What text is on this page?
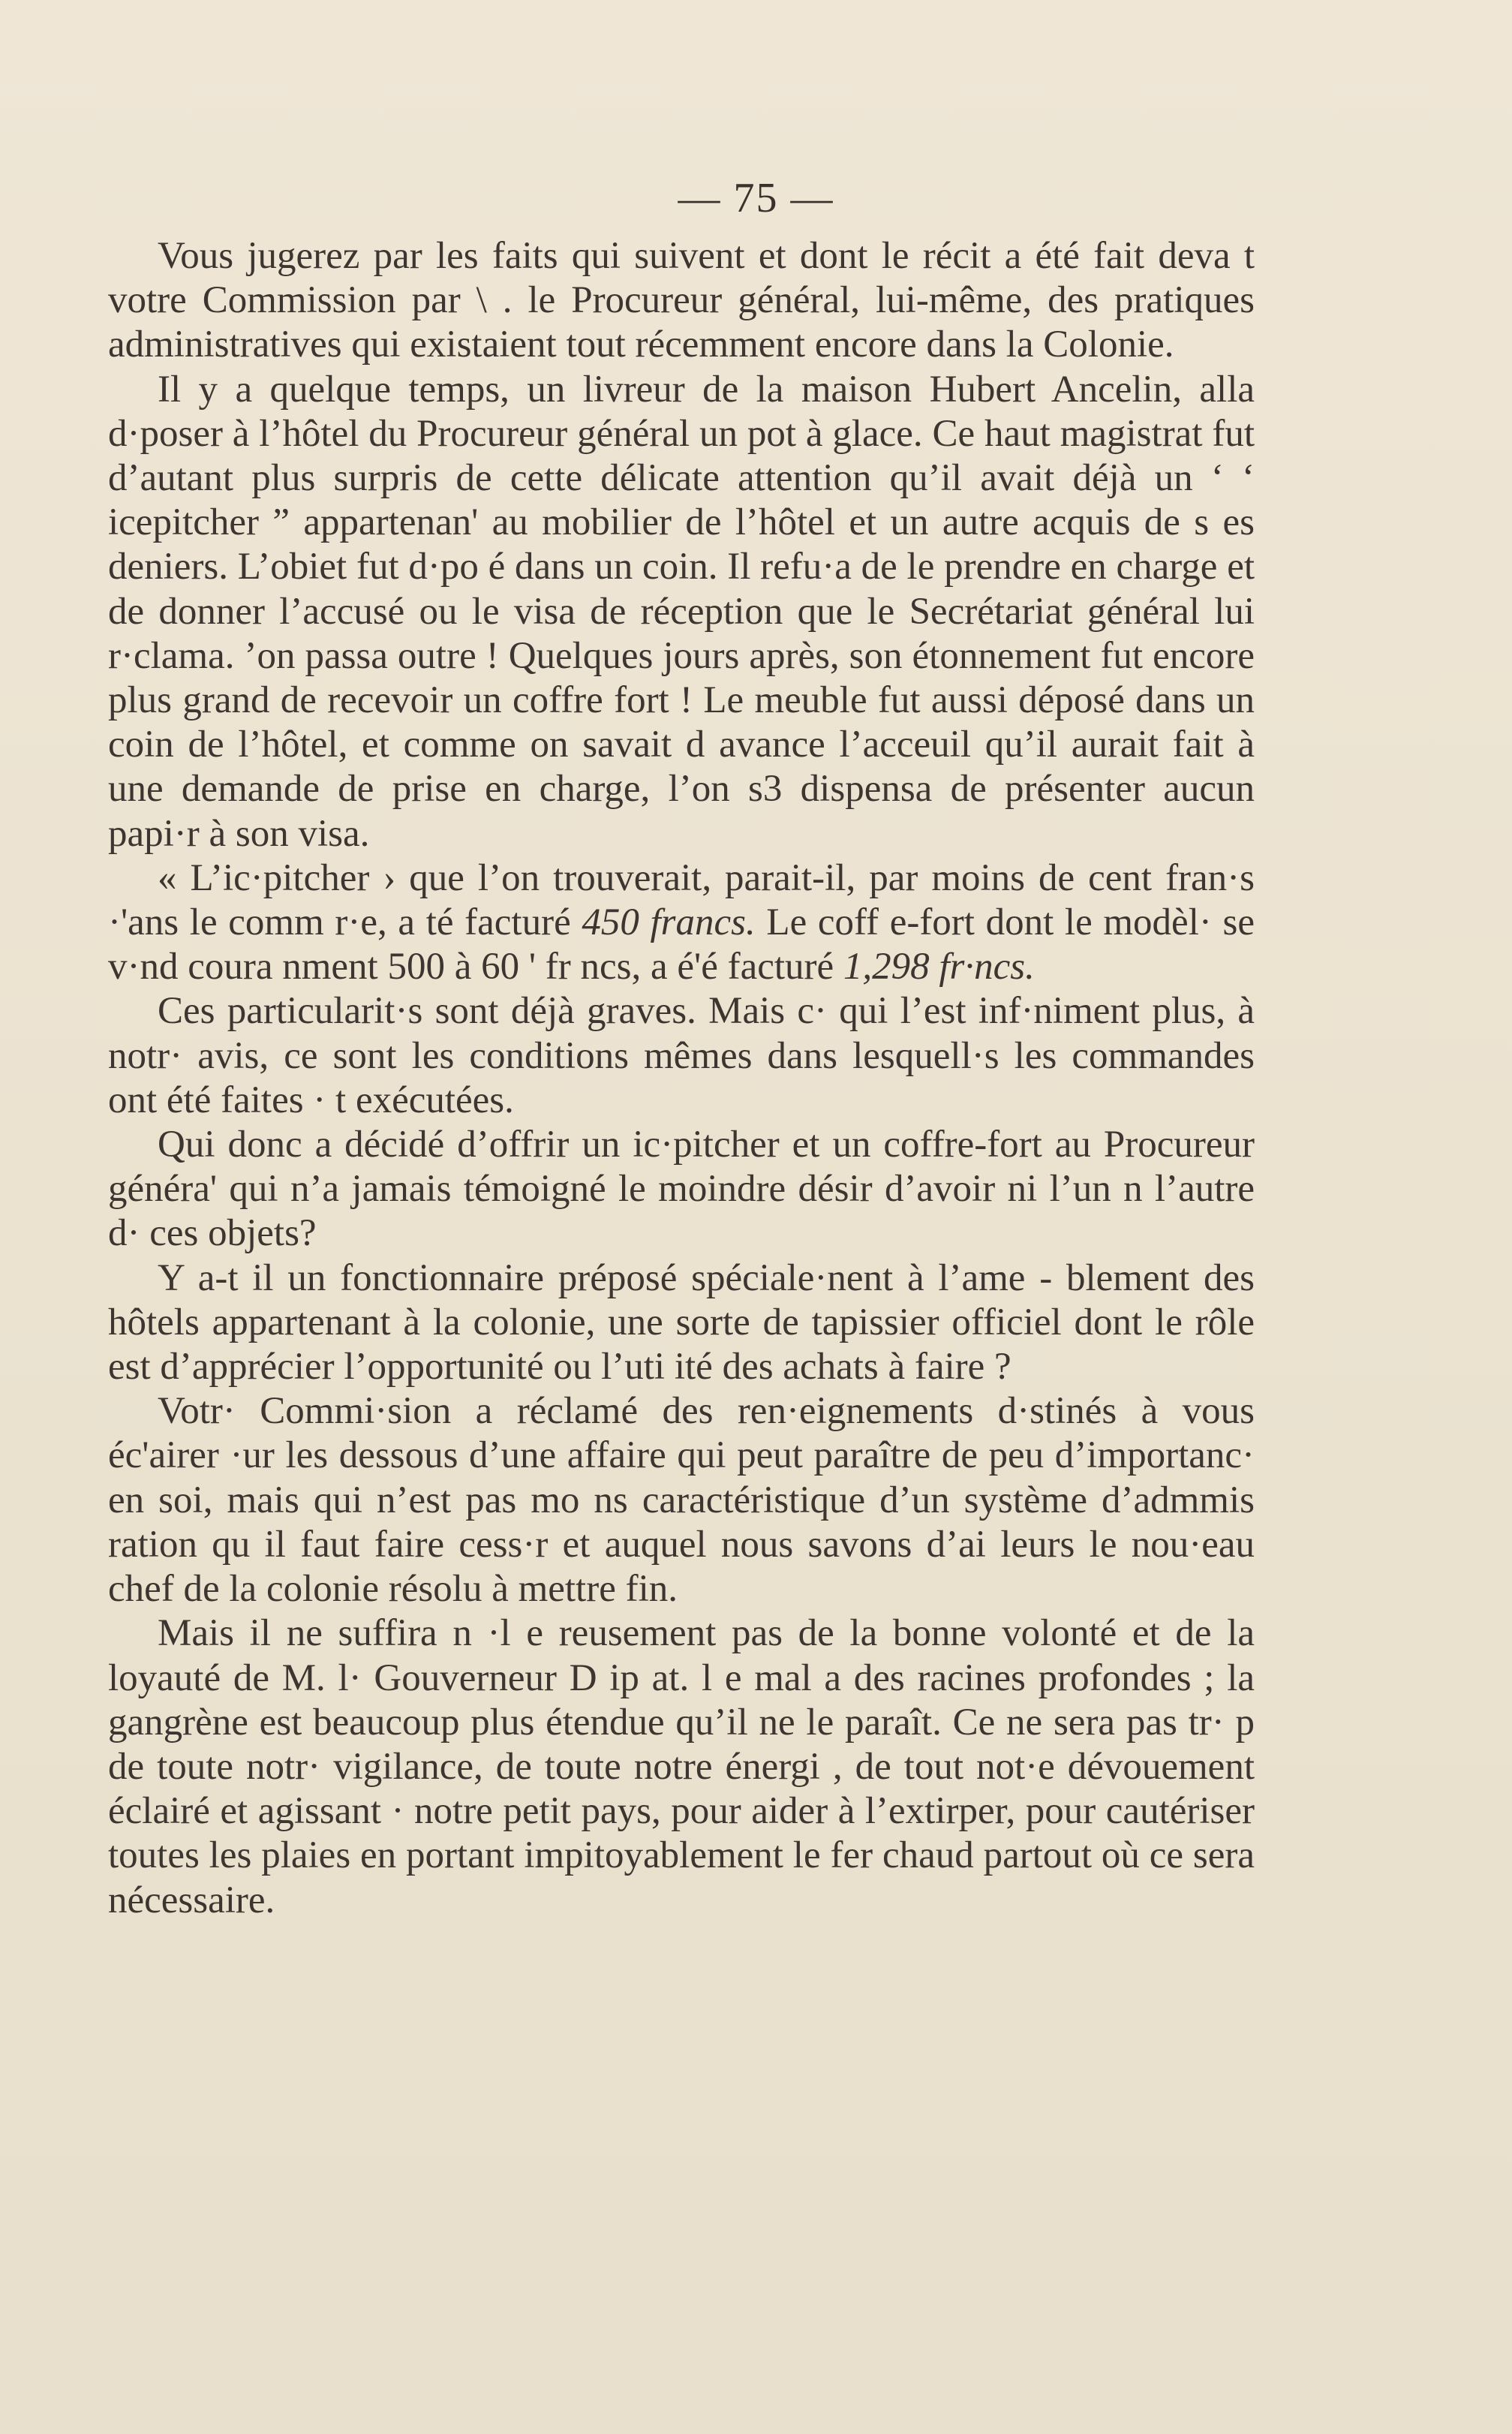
— 75 —

Vous jugerez par les faits qui suivent et dont le récit a été fait deva t votre Commission par \ . le Procureur général, lui-même, des pratiques administratives qui existaient tout récemment encore dans la Colonie.

Il y a quelque temps, un livreur de la maison Hubert Ancelin, alla d·poser à l’hôtel du Procureur général un pot à glace. Ce haut magistrat fut d’autant plus surpris de cette délicate attention qu’il avait déjà un ‘ ‘ icepitcher ” appartenan' au mobilier de l’hôtel et un autre acquis de s es deniers. L’obiet fut d·po é dans un coin. Il refu·a de le prendre en charge et de donner l’accusé ou le visa de réception que le Secrétariat général lui r·clama. ’on passa outre ! Quelques jours après, son étonnement fut encore plus grand de recevoir un coffre fort ! Le meuble fut aussi déposé dans un coin de l’hôtel, et comme on savait d avance l’acceuil qu’il aurait fait à une demande de prise en charge, l’on s3 dispensa de présenter aucun papi·r à son visa.

« L’ic·pitcher › que l’on trouverait, parait-il, par moins de cent fran·s ·'ans le comm r·e, a té facturé 450 francs. Le coff e-fort dont le modèl· se v·nd coura nment 500 à 60 ' fr ncs, a é'é facturé 1,298 fr·ncs.

Ces particularit·s sont déjà graves. Mais c· qui l’est inf·niment plus, à notr· avis, ce sont les conditions mêmes dans lesquell·s les commandes ont été faites · t exécutées.

Qui donc a décidé d’offrir un ic·pitcher et un coffre-fort au Procureur généra' qui n’a jamais témoigné le moindre désir d’avoir ni l’un n l’autre d· ces objets?

Y a-t il un fonctionnaire préposé spéciale·nent à l’ame - blement des hôtels appartenant à la colonie, une sorte de tapissier officiel dont le rôle est d’apprécier l’opportunité ou l’uti ité des achats à faire ?

Votr· Commi·sion a réclamé des ren·eignements d·stinés à vous éc'airer ·ur les dessous d’une affaire qui peut paraître de peu d’importanc· en soi, mais qui n’est pas mo ns caractéristique d’un système d’admmis ration qu il faut faire cess·r et auquel nous savons d’ai leurs le nou·eau chef de la colonie résolu à mettre fin.

Mais il ne suffira n ·l e reusement pas de la bonne volonté et de la loyauté de M. l· Gouverneur D ip at. l e mal a des racines profondes ; la gangrène est beaucoup plus étendue qu’il ne le paraît. Ce ne sera pas tr· p de toute notr· vigilance, de toute notre énergi , de tout not·e dévouement éclairé et agissant · notre petit pays, pour aider à l’extirper, pour cautériser toutes les plaies en portant impitoyablement le fer chaud partout où ce sera nécessaire.
